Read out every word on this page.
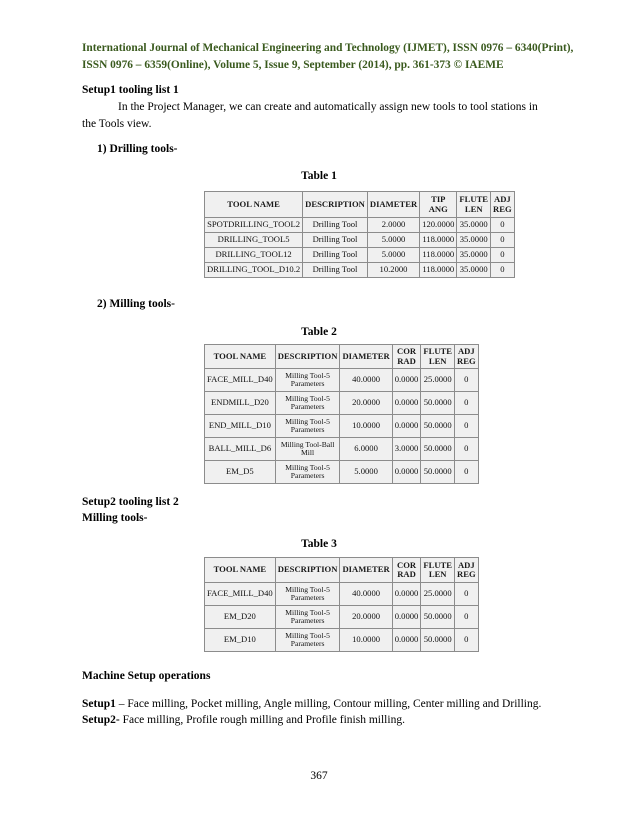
International Journal of Mechanical Engineering and Technology (IJMET), ISSN 0976 – 6340(Print),
ISSN 0976 – 6359(Online), Volume 5, Issue 9, September (2014), pp. 361-373 © IAEME
Setup1 tooling list 1
In the Project Manager, we can create and automatically assign new tools to tool stations in
the Tools view.
1) Drilling tools-
Table 1
TOOL NAME	DESCRIPTION	DIAMETER	TIP ANG	FLUTE LEN	ADJ REG
SPOTDRILLING_TOOL2	Drilling Tool	2.0000	120.0000	35.0000	0
DRILLING_TOOL5	Drilling Tool	5.0000	118.0000	35.0000	0
DRILLING_TOOL12	Drilling Tool	5.0000	118.0000	35.0000	0
DRILLING_TOOL_D10.2	Drilling Tool	10.2000	118.0000	35.0000	0
2) Milling tools-
Table 2
TOOL NAME	DESCRIPTION	DIAMETER	COR RAD	FLUTE LEN	ADJ REG
FACE_MILL_D40	Milling Tool-5 Parameters	40.0000	0.0000	25.0000	0
ENDMILL_D20	Milling Tool-5 Parameters	20.0000	0.0000	50.0000	0
END_MILL_D10	Milling Tool-5 Parameters	10.0000	0.0000	50.0000	0
BALL_MILL_D6	Milling Tool-Ball Mill	6.0000	3.0000	50.0000	0
EM_D5	Milling Tool-5 Parameters	5.0000	0.0000	50.0000	0
Setup2 tooling list 2
Milling tools-
Table 3
TOOL NAME	DESCRIPTION	DIAMETER	COR RAD	FLUTE LEN	ADJ REG
FACE_MILL_D40	Milling Tool-5 Parameters	40.0000	0.0000	25.0000	0
EM_D20	Milling Tool-5 Parameters	20.0000	0.0000	50.0000	0
EM_D10	Milling Tool-5 Parameters	10.0000	0.0000	50.0000	0
Machine Setup operations
Setup1 – Face milling, Pocket milling, Angle milling, Contour milling, Center milling and Drilling.
Setup2- Face milling, Profile rough milling and Profile finish milling.
367
